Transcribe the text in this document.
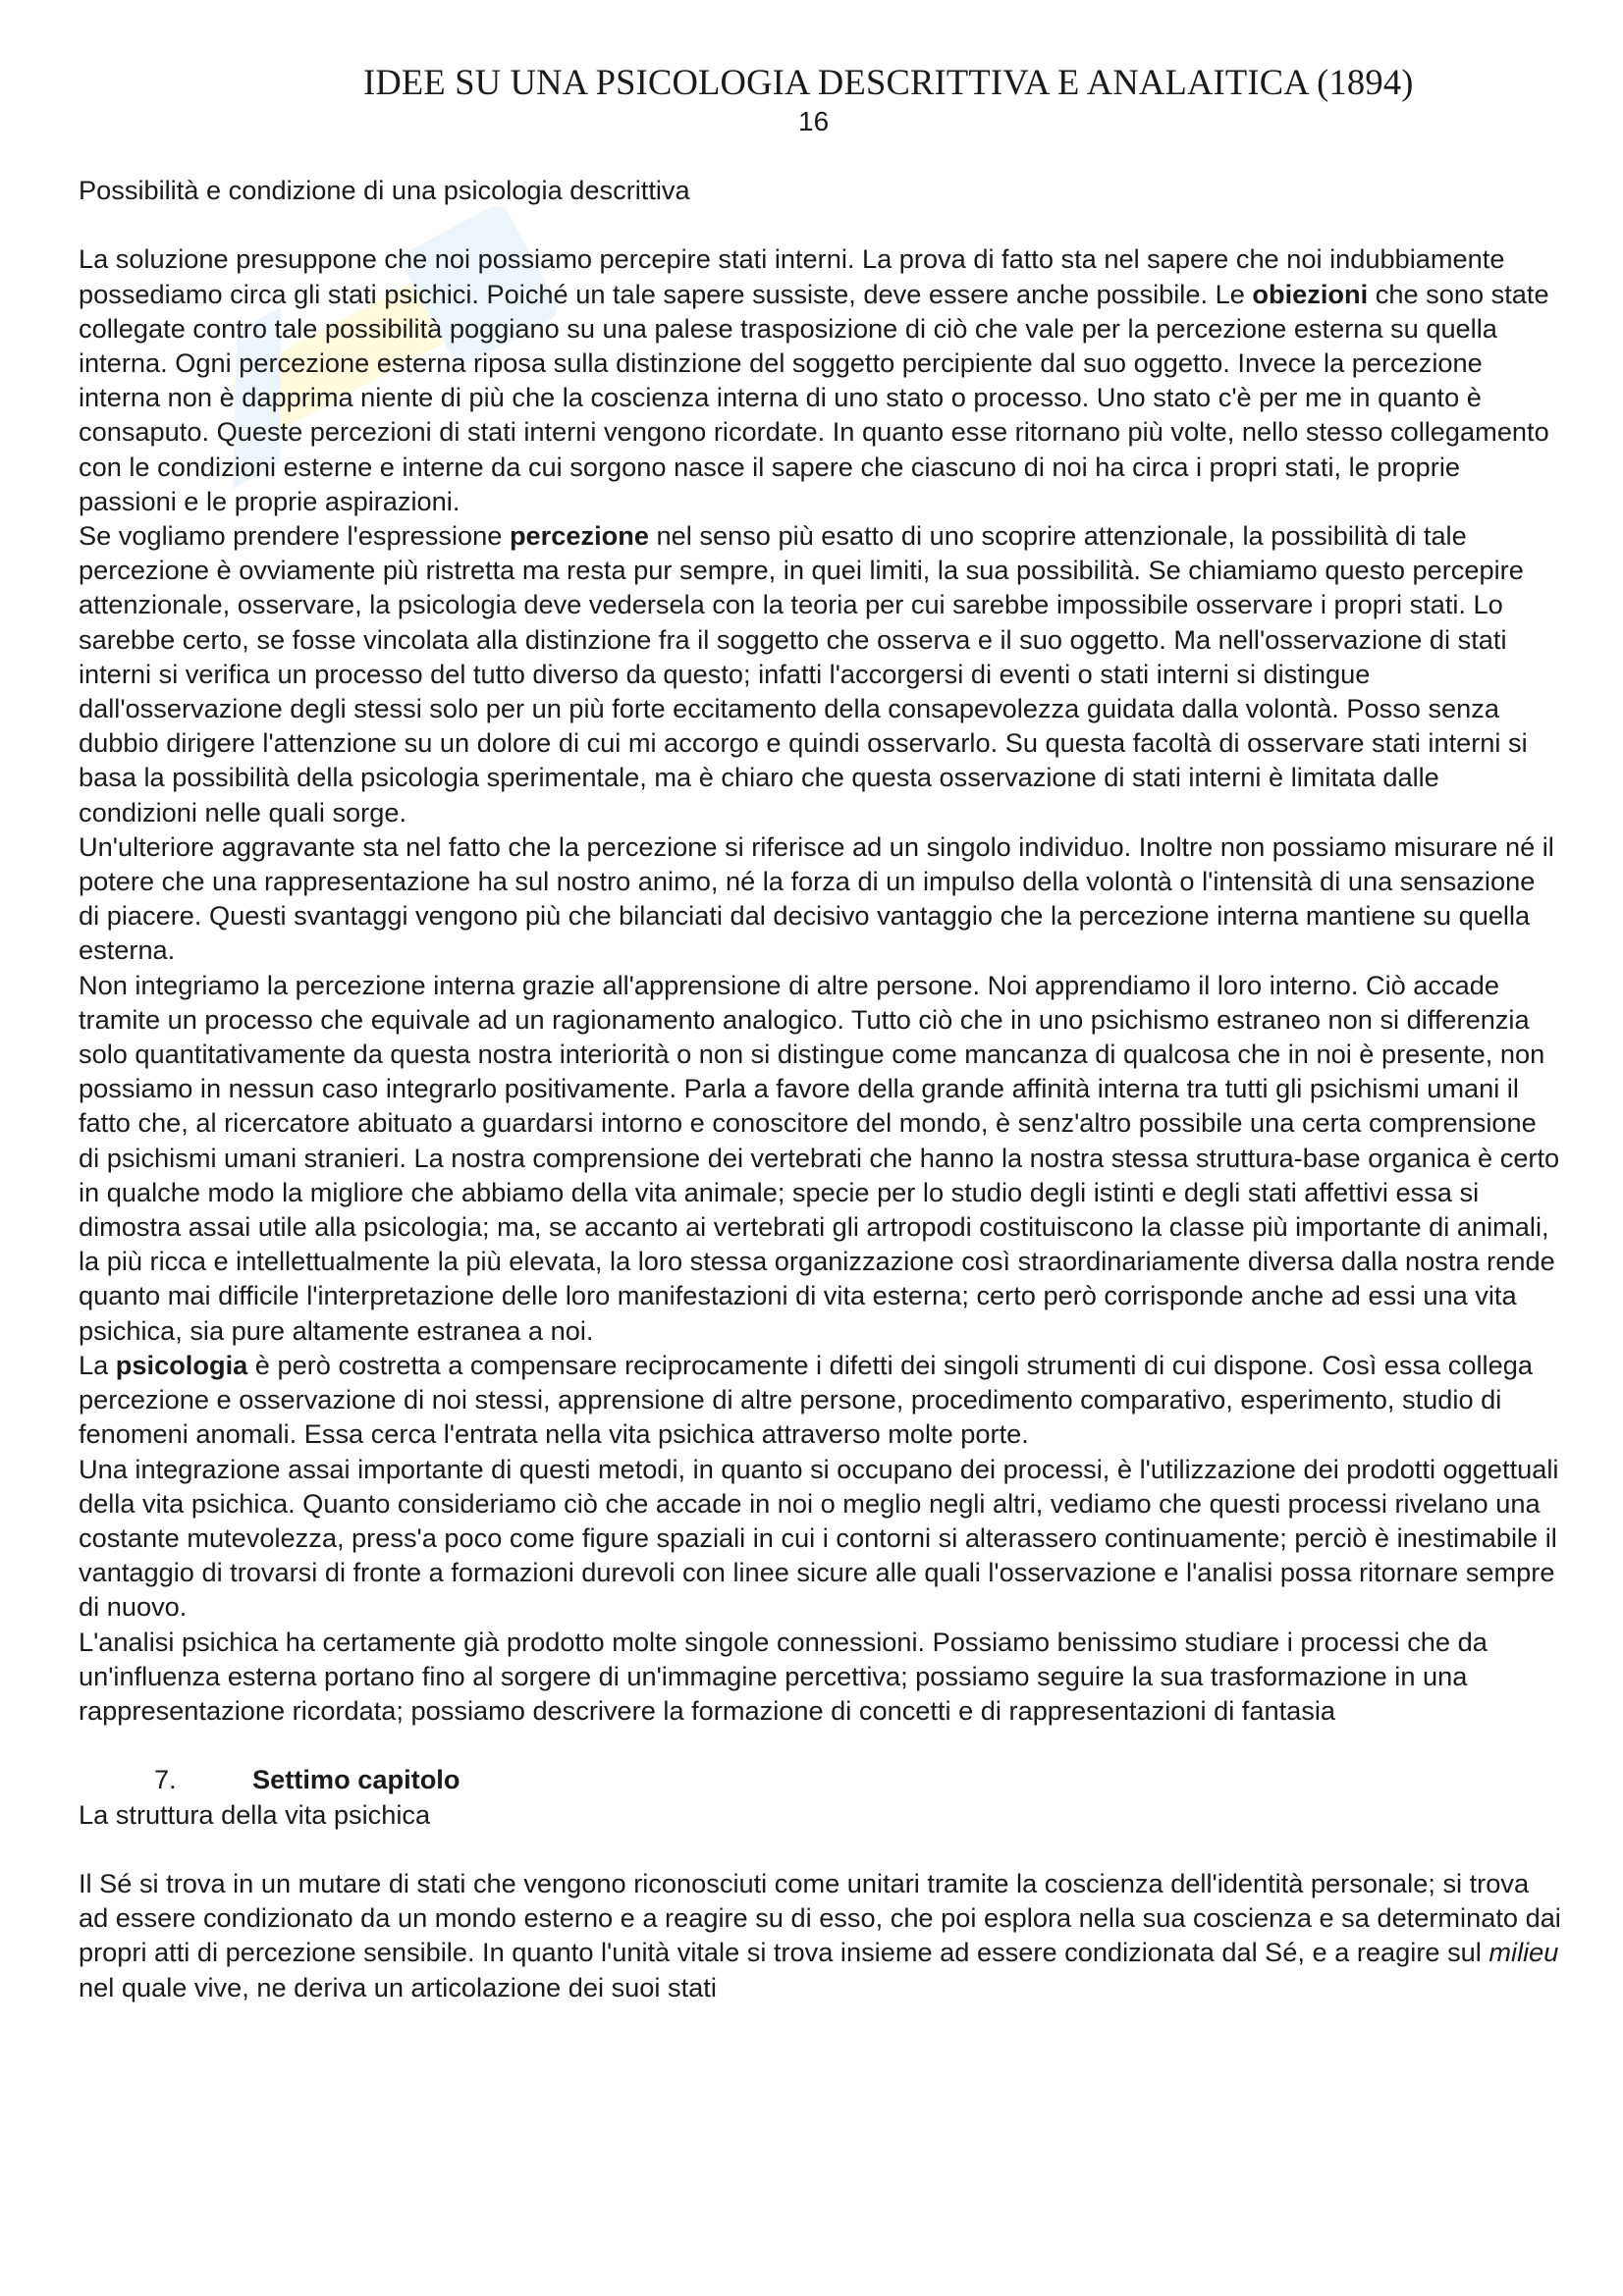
IDEE SU UNA PSICOLOGIA DESCRITTIVA E ANALAITICA (1894)
16

Possibilità e condizione di una psicologia descrittiva

La soluzione presuppone che noi possiamo percepire stati interni. La prova di fatto sta nel sapere che noi indubbiamente possediamo circa gli stati psichici. Poiché un tale sapere sussiste, deve essere anche possibile. Le obiezioni che sono state collegate contro tale possibilità poggiano su una palese trasposizione di ciò che vale per la percezione esterna su quella interna. Ogni percezione esterna riposa sulla distinzione del soggetto percipiente dal suo oggetto. Invece la percezione interna non è dapprima niente di più che la coscienza interna di uno stato o processo. Uno stato c'è per me in quanto è consaputo. Queste percezioni di stati interni vengono ricordate. In quanto esse ritornano più volte, nello stesso collegamento con le condizioni esterne e interne da cui sorgono nasce il sapere che ciascuno di noi ha circa i propri stati, le proprie passioni e le proprie aspirazioni.

Se vogliamo prendere l'espressione percezione nel senso più esatto di uno scoprire attenzionale, la possibilità di tale percezione è ovviamente più ristretta ma resta pur sempre, in quei limiti, la sua possibilità. Se chiamiamo questo percepire attenzionale, osservare, la psicologia deve vedersela con la teoria per cui sarebbe impossibile osservare i propri stati. Lo sarebbe certo, se fosse vincolata alla distinzione fra il soggetto che osserva e il suo oggetto. Ma nell'osservazione di stati interni si verifica un processo del tutto diverso da questo; infatti l'accorgersi di eventi o stati interni si distingue dall'osservazione degli stessi solo per un più forte eccitamento della consapevolezza guidata dalla volontà. Posso senza dubbio dirigere l'attenzione su un dolore di cui mi accorgo e quindi osservarlo. Su questa facoltà di osservare stati interni si basa la possibilità della psicologia sperimentale, ma è chiaro che questa osservazione di stati interni è limitata dalle condizioni nelle quali sorge.

Un'ulteriore aggravante sta nel fatto che la percezione si riferisce ad un singolo individuo. Inoltre non possiamo misurare né il potere che una rappresentazione ha sul nostro animo, né la forza di un impulso della volontà o l'intensità di una sensazione di piacere. Questi svantaggi vengono più che bilanciati dal decisivo vantaggio che la percezione interna mantiene su quella esterna.

Non integriamo la percezione interna grazie all'apprensione di altre persone. Noi apprendiamo il loro interno. Ciò accade tramite un processo che equivale ad un ragionamento analogico. Tutto ciò che in uno psichismo estraneo non si differenzia solo quantitativamente da questa nostra interiorità o non si distingue come mancanza di qualcosa che in noi è presente, non possiamo in nessun caso integrarlo positivamente. Parla a favore della grande affinità interna tra tutti gli psichismi umani il fatto che, al ricercatore abituato a guardarsi intorno e conoscitore del mondo, è senz'altro possibile una certa comprensione di psichismi umani stranieri. La nostra comprensione dei vertebrati che hanno la nostra stessa struttura-base organica è certo in qualche modo la migliore che abbiamo della vita animale; specie per lo studio degli istinti e degli stati affettivi essa si dimostra assai utile alla psicologia; ma, se accanto ai vertebrati gli artropodi costituiscono la classe più importante di animali, la più ricca e intellettualmente la più elevata, la loro stessa organizzazione così straordinariamente diversa dalla nostra rende quanto mai difficile l'interpretazione delle loro manifestazioni di vita esterna; certo però corrisponde anche ad essi una vita psichica, sia pure altamente estranea a noi.

La psicologia è però costretta a compensare reciprocamente i difetti dei singoli strumenti di cui dispone. Così essa collega percezione e osservazione di noi stessi, apprensione di altre persone, procedimento comparativo, esperimento, studio di fenomeni anomali. Essa cerca l'entrata nella vita psichica attraverso molte porte.

Una integrazione assai importante di questi metodi, in quanto si occupano dei processi, è l'utilizzazione dei prodotti oggettuali della vita psichica. Quanto consideriamo ciò che accade in noi o meglio negli altri, vediamo che questi processi rivelano una costante mutevolezza, press'a poco come figure spaziali in cui i contorni si alterassero continuamente; perciò è inestimabile il vantaggio di trovarsi di fronte a formazioni durevoli con linee sicure alle quali l'osservazione e l'analisi possa ritornare sempre di nuovo.

L'analisi psichica ha certamente già prodotto molte singole connessioni. Possiamo benissimo studiare i processi che da un'influenza esterna portano fino al sorgere di un'immagine percettiva; possiamo seguire la sua trasformazione in una rappresentazione ricordata; possiamo descrivere la formazione di concetti e di rappresentazioni di fantasia

7.	Settimo capitolo

La struttura della vita psichica

Il Sé si trova in un mutare di stati che vengono riconosciuti come unitari tramite la coscienza dell'identità personale; si trova ad essere condizionato da un mondo esterno e a reagire su di esso, che poi esplora nella sua coscienza e sa determinato dai propri atti di percezione sensibile. In quanto l'unità vitale si trova insieme ad essere condizionata dal Sé, e a reagire sul milieu nel quale vive, ne deriva un articolazione dei suoi stati
